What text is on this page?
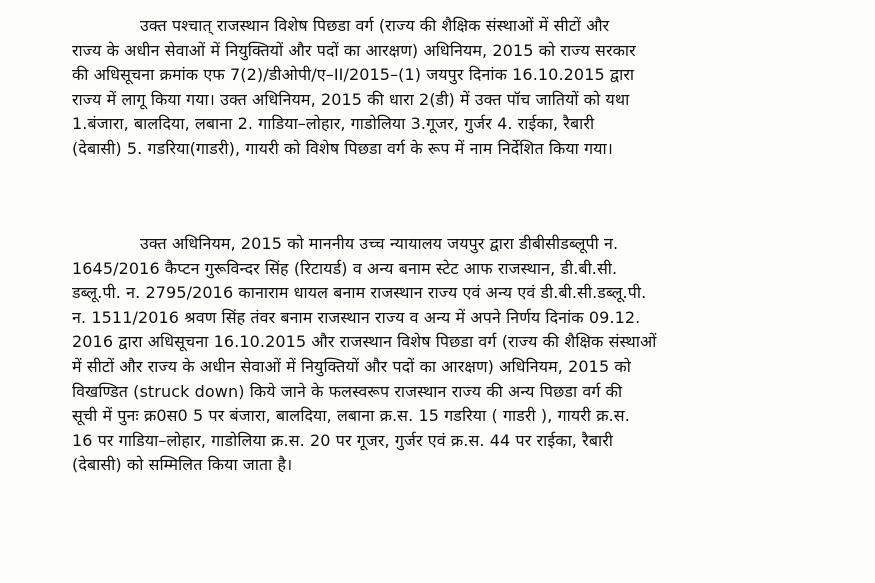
उक्त पश्चात् राजस्थान विशेष पिछडा वर्ग (राज्य की शैक्षिक संस्थाओं में सीटों और
राज्य के अधीन सेवाओं में नियुक्तियों और पदों का आरक्षण) अधिनियम, 2015 को राज्य सरकार
की अधिसूचना क्रमांक एफ 7(2)/डीओपी/ए–II/2015–(1) जयपुर दिनांक 16.10.2015 द्वारा
राज्य में लागू किया गया। उक्त अधिनियम, 2015 की धारा 2(डी) में उक्त पॉच जातियों को यथा
1.बंजारा, बालदिया, लबाना 2. गाडिया–लोहार, गाडोलिया 3.गूजर, गुर्जर 4. राईका, रैबारी
(देबासी) 5. गडरिया(गाडरी), गायरी को विशेष पिछडा वर्ग के रूप में नाम निर्देशित किया गया।
उक्त अधिनियम, 2015 को माननीय उच्च न्यायालय जयपुर द्वारा डीबीसीडब्लूपी न.
1645/2016 कैप्टन गुरूविन्दर सिंह (रिटायर्ड) व अन्य बनाम स्टेट आफ राजस्थान, डी.बी.सी.
डब्लू.पी. न. 2795/2016 कानाराम धायल बनाम राजस्थान राज्य एवं अन्य एवं डी.बी.सी.डब्लू.पी.
न. 1511/2016 श्रवण सिंह तंवर बनाम राजस्थान राज्य व अन्य में अपने निर्णय दिनांक 09.12.
2016 द्वारा अधिसूचना 16.10.2015 और राजस्थान विशेष पिछडा वर्ग (राज्य की शैक्षिक संस्थाओं
में सीटों और राज्य के अधीन सेवाओं में नियुक्तियों और पदों का आरक्षण) अधिनियम, 2015 को
विखण्डित (struck down) किये जाने के फलस्वरूप राजस्थान राज्य की अन्य पिछडा वर्ग की
सूची में पुनः क्र0स0 5 पर बंजारा, बालदिया, लबाना क्र.स. 15 गडरिया ( गाडरी ), गायरी क्र.स.
16 पर गाडिया–लोहार, गाडोलिया क्र.स. 20 पर गूजर, गुर्जर एवं क्र.स. 44 पर राईका, रैबारी
(देबासी) को सम्मिलित किया जाता है।
